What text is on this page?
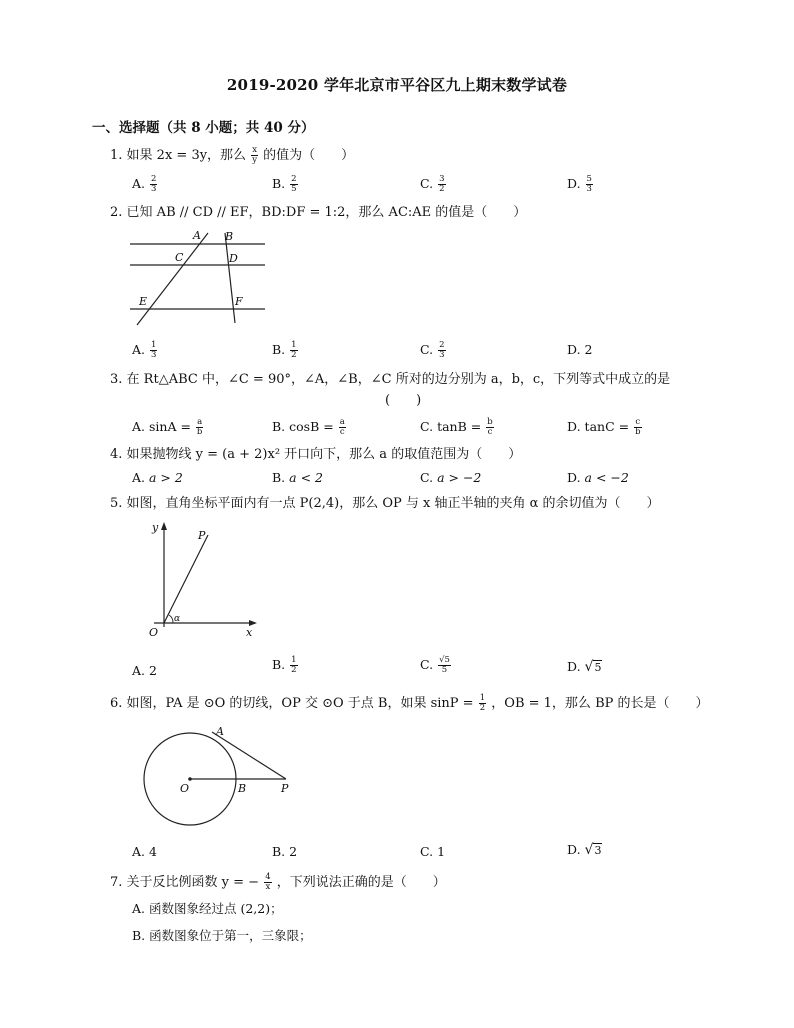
2019-2020 学年北京市平谷区九上期末数学试卷
一、选择题（共 8 小题；共 40 分）
1. 如果 2x = 3y，那么 $\frac{x}{y}$ 的值为（　　）
A. $\frac{2}{3}$	B. $\frac{2}{5}$	C. $\frac{3}{2}$	D. $\frac{5}{3}$
2. 已知 AB // CD // EF，BD:DF = 1:2，那么 AC:AE 的值是（　　）
A B
C	D
E	F
A. $\frac{1}{3}$	B. $\frac{1}{2}$	C. $\frac{2}{3}$	D. 2
3. 在 Rt△ABC 中，∠C = 90°，∠A，∠B，∠C 所对的边分别为 a，b，c，下列等式中成立的是
(　　)
A. $\sin A = \frac{a}{b}$	B. $\cos B = \frac{a}{c}$	C. $\tan B = \frac{b}{c}$	D. $\tan C = \frac{c}{b}$
4. 如果抛物线 y = (a + 2)x² 开口向下，那么 a 的取值范围为（　　）
A. a > 2	B. a < 2	C. a > −2	D. a < −2
5. 如图，直角坐标平面内有一点 P(2,4)，那么 OP 与 x 轴正半轴的夹角 α 的余切值为（　　）
y
P
O	x
α
A. 2	B. $\frac{1}{2}$	C. $\frac{√5}{5}$	D. √5
6. 如图，PA 是 ⊙O 的切线，OP 交 ⊙O 于点 B，如果 $\sin P = \frac{1}{2}$ ，OB = 1，那么 BP 的长是（　　）
A
O	B	P
A. 4	B. 2	C. 1	D. √3
7. 关于反比例函数 y = − $\frac{4}{x}$ ，下列说法正确的是（　　）
A. 函数图象经过点 (2,2)；
B. 函数图象位于第一，三象限；
